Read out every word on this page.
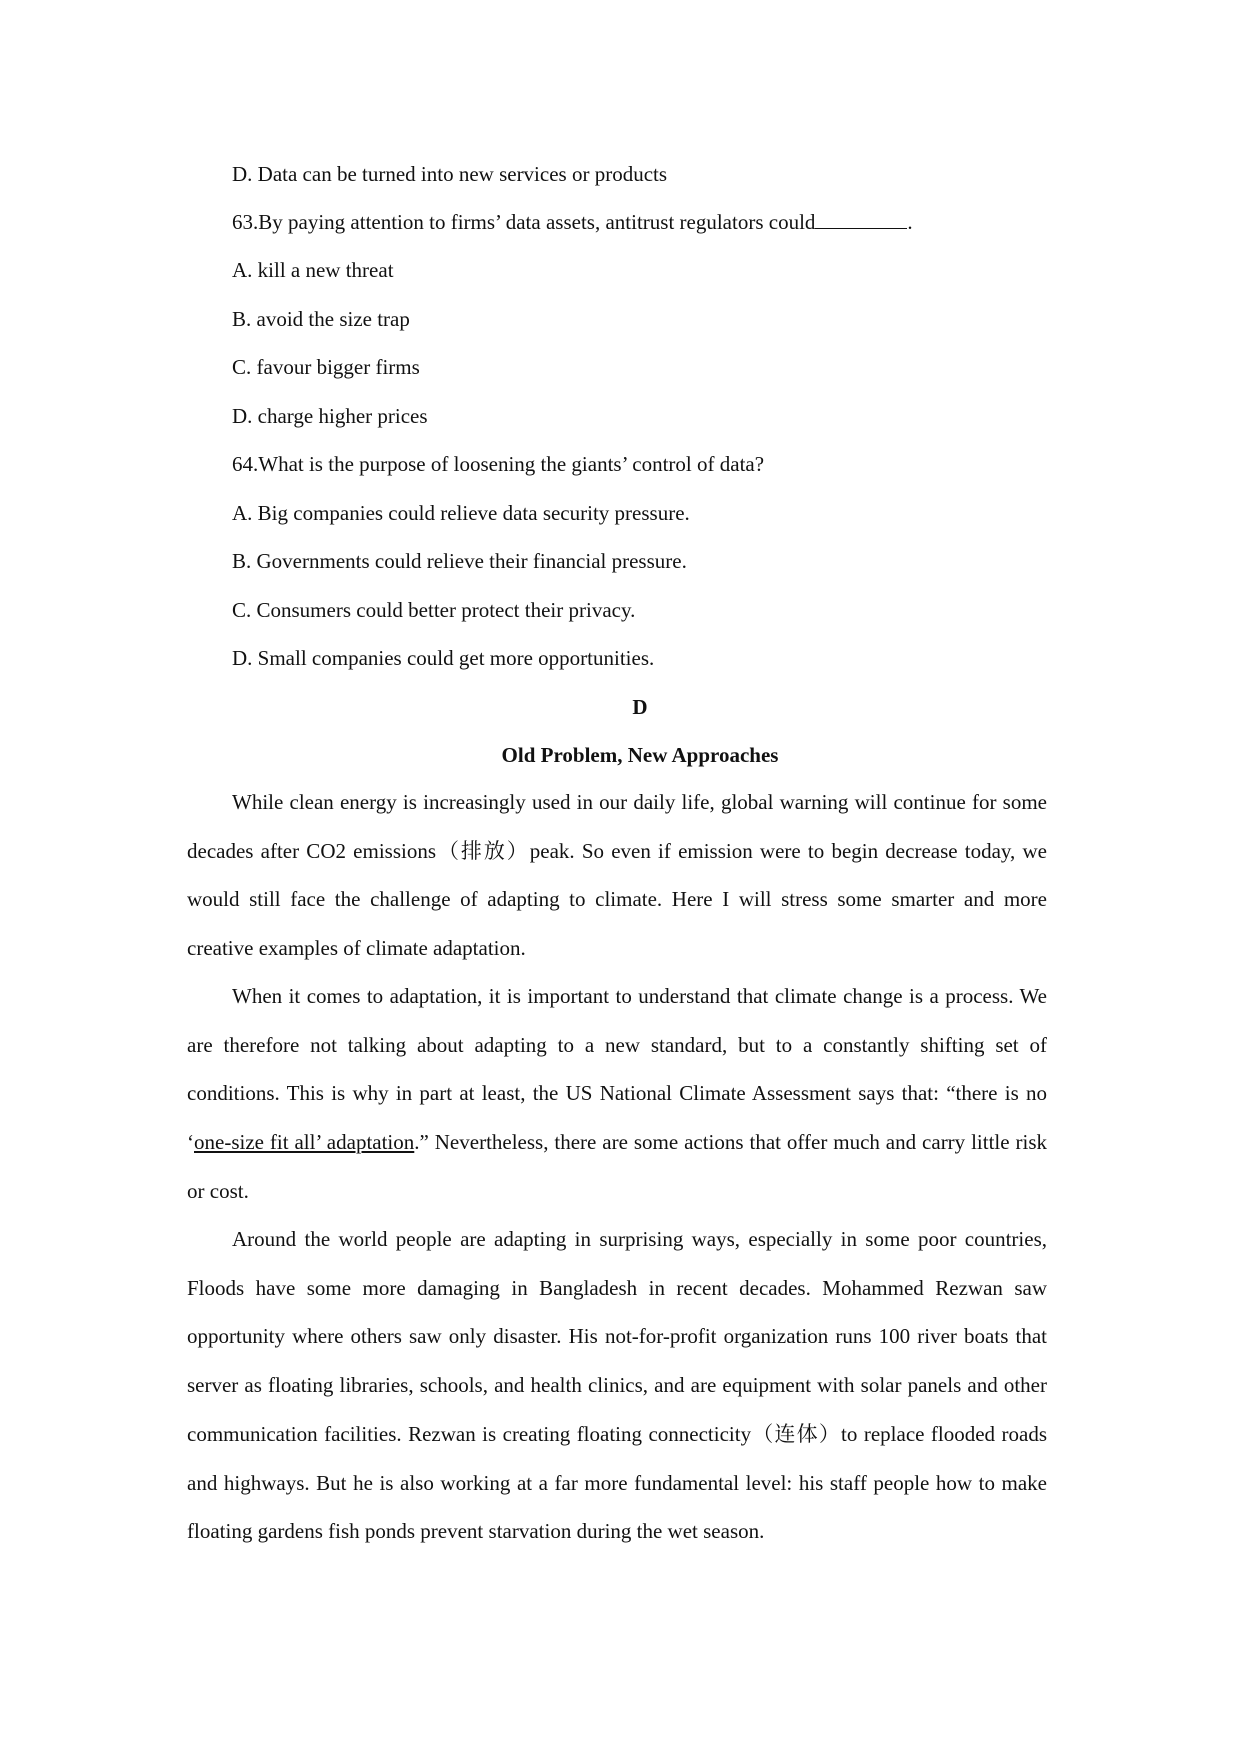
D. Data can be turned into new services or products
63.By paying attention to firms’ data assets, antitrust regulators could	.
A. kill a new threat
B. avoid the size trap
C. favour bigger firms
D. charge higher prices
64.What is the purpose of loosening the giants’ control of data?
A. Big companies could relieve data security pressure.
B. Governments could relieve their financial pressure.
C. Consumers could better protect their privacy.
D. Small companies could get more opportunities.
D
Old Problem, New Approaches

While clean energy is increasingly used in our daily life, global warning will continue for some decades after CO2 emissions（排放）peak. So even if emission were to begin decrease today, we would still face the challenge of adapting to climate. Here I will stress some smarter and more creative examples of climate adaptation.

When it comes to adaptation, it is important to understand that climate change is a process. We are therefore not talking about adapting to a new standard, but to a constantly shifting set of conditions. This is why in part at least, the US National Climate Assessment says that: “there is no ‘one-size fit all’ adaptation.” Nevertheless, there are some actions that offer much and carry little risk or cost.

Around the world people are adapting in surprising ways, especially in some poor countries, Floods have some more damaging in Bangladesh in recent decades. Mohammed Rezwan saw opportunity where others saw only disaster. His not-for-profit organization runs 100 river boats that server as floating libraries, schools, and health clinics, and are equipment with solar panels and other communication facilities. Rezwan is creating floating connecticity（连体）to replace flooded roads and highways. But he is also working at a far more fundamental level: his staff people how to make floating gardens fish ponds prevent starvation during the wet season.
